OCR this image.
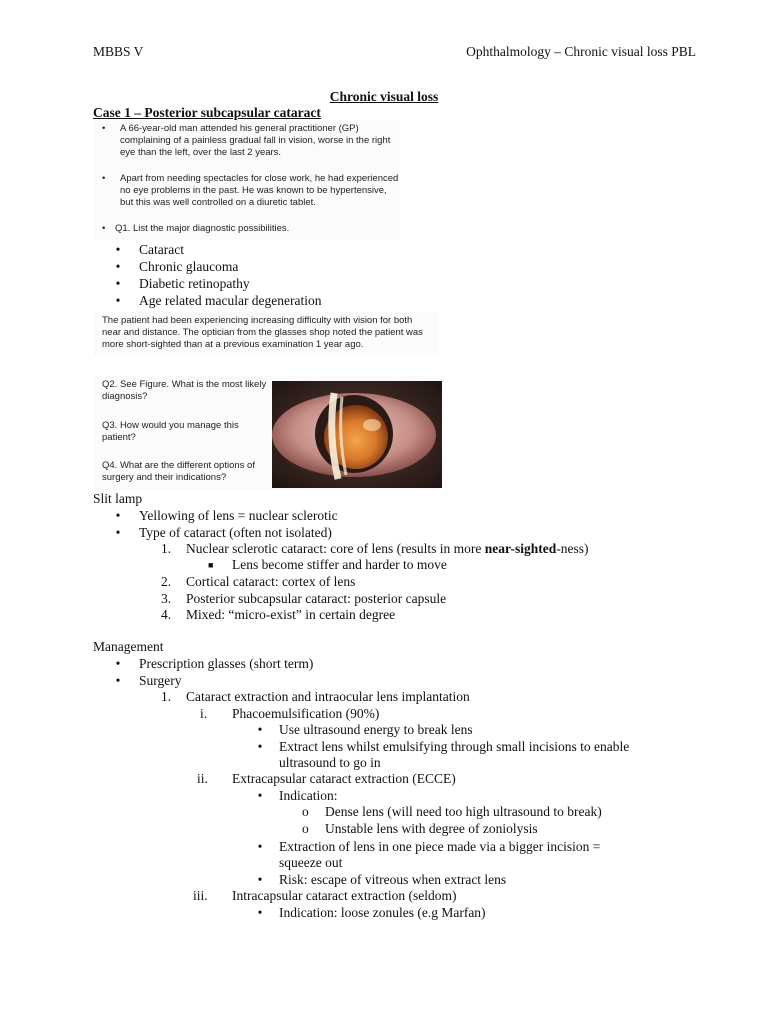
MBBS V	Ophthalmology – Chronic visual loss PBL
Chronic visual loss
Case 1 – Posterior subcapsular cataract
• A 66-year-old man attended his general practitioner (GP)
complaining of a painless gradual fall in vision, worse in the right
eye than the left, over the last 2 years.
• Apart from needing spectacles for close work, he had experienced
no eye problems in the past. He was known to be hypertensive,
but this was well controlled on a diuretic tablet.
• Q1. List the major diagnostic possibilities.
•	Cataract
•	Chronic glaucoma
•	Diabetic retinopathy
•	Age related macular degeneration
The patient had been experiencing increasing difficulty with vision for both
near and distance. The optician from the glasses shop noted the patient was
more short-sighted than at a previous examination 1 year ago.
Q2. See Figure. What is the most likely
diagnosis?
Q3. How would you manage this
patient?
Q4. What are the different options of
surgery and their indications?
Slit lamp
•	Yellowing of lens = nuclear sclerotic
•	Type of cataract (often not isolated)
1. Nuclear sclerotic cataract: core of lens (results in more near-sighted-ness)
■ Lens become stiffer and harder to move
2. Cortical cataract: cortex of lens
3. Posterior subcapsular cataract: posterior capsule
4. Mixed: “micro-exist” in certain degree
Management
•	Prescription glasses (short term)
•	Surgery
1. Cataract extraction and intraocular lens implantation
i. Phacoemulsification (90%)
•	Use ultrasound energy to break lens
•	Extract lens whilst emulsifying through small incisions to enable
ultrasound to go in
ii. Extracapsular cataract extraction (ECCE)
•	Indication:
o Dense lens (will need too high ultrasound to break)
o Unstable lens with degree of zoniolysis
•	Extraction of lens in one piece made via a bigger incision =
squeeze out
•	Risk: escape of vitreous when extract lens
iii. Intracapsular cataract extraction (seldom)
•	Indication: loose zonules (e.g Marfan)
